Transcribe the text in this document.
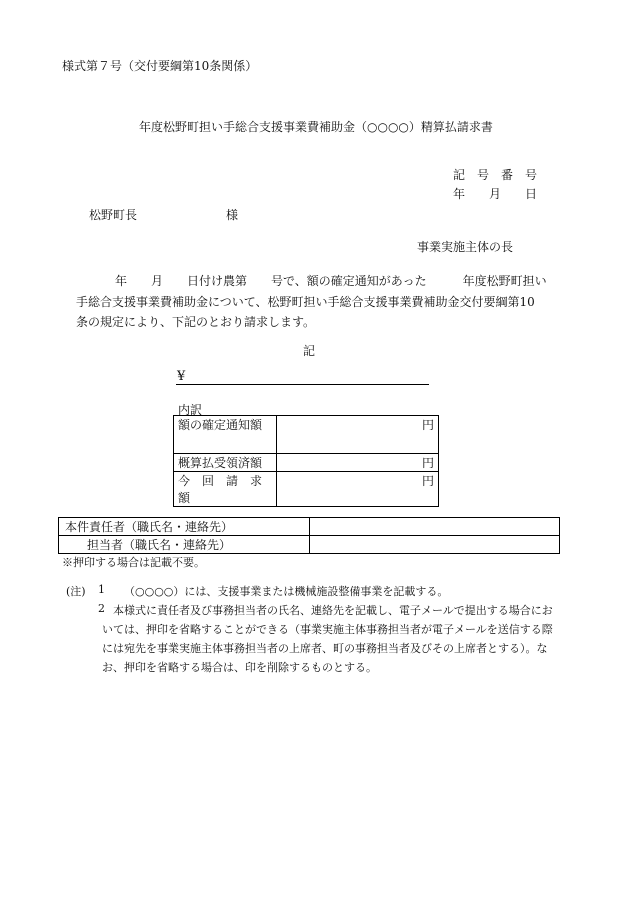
様式第７号（交付要綱第10条関係）
年度松野町担い手総合支援事業費補助金（○○○○）精算払請求書
記　号　番　号
年　　月　　日
松野町長	様
事業実施主体の長
年　　月　　日付け農第　　号で、額の確定通知があった　　　年度松野町担い
手総合支援事業費補助金について、松野町担い手総合支援事業費補助金交付要綱第10
条の規定により、下記のとおり請求します。
記
¥
内訳
額の確定通知額	円
概算払受領済額	円
今　回　請　求　額	円
本件責任者（職氏名・連絡先）	
担当者（職氏名・連絡先）	
※押印する場合は記載不要。
(注) 1 （○○○○）には、支援事業または機械施設整備事業を記載する。
2 本様式に責任者及び事務担当者の氏名、連絡先を記載し、電子メールで提出する場合にお
いては、押印を省略することができる（事業実施主体事務担当者が電子メールを送信する際
には宛先を事業実施主体事務担当者の上席者、町の事務担当者及びその上席者とする）。な
お、押印を省略する場合は、印を削除するものとする。
